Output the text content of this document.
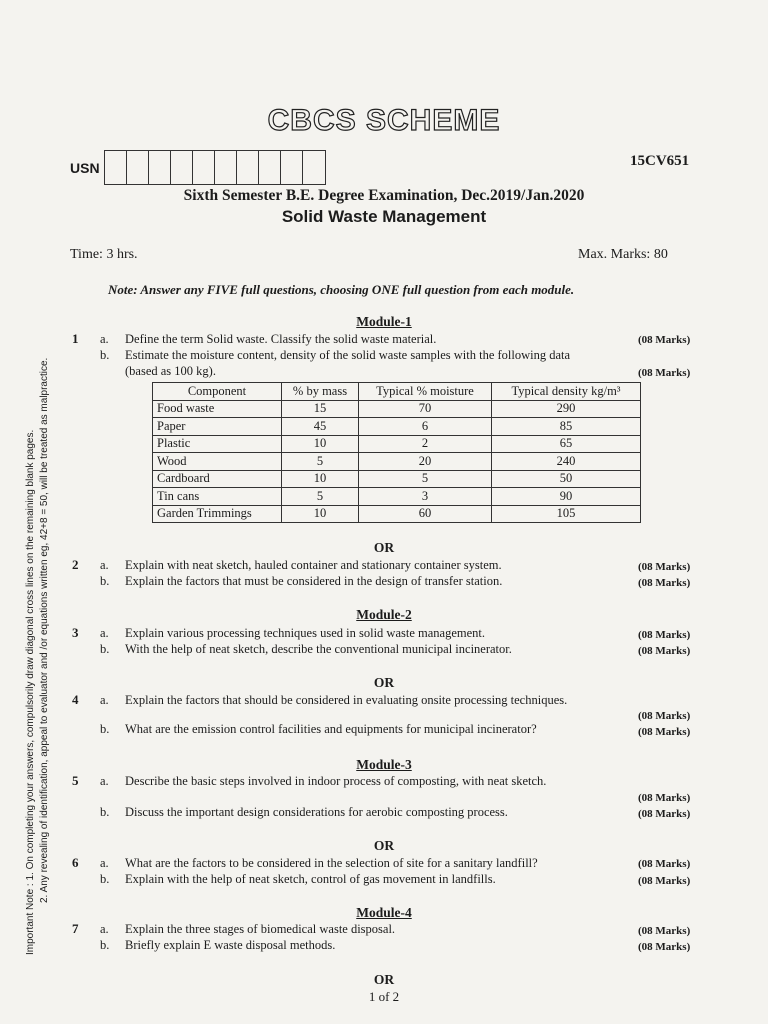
CBCS SCHEME
USN	15CV651
Sixth Semester B.E. Degree Examination, Dec.2019/Jan.2020
Solid Waste Management
Time: 3 hrs.	Max. Marks: 80
Note: Answer any FIVE full questions, choosing ONE full question from each module.
Important Note : 1. On completing your answers, compulsorily draw diagonal cross lines on the remaining blank pages. 2. Any revealing of identification, appeal to evaluator and /or equations written eg, 42+8 = 50, will be treated as malpractice.
Module-1
1 a. Define the term Solid waste. Classify the solid waste material.	(08 Marks)
b. Estimate the moisture content, density of the solid waste samples with the following data
(based as 100 kg).	(08 Marks)
Component	% by mass	Typical % moisture	Typical density kg/m³
Food waste	15	70	290
Paper	45	6	85
Plastic	10	2	65
Wood	5	20	240
Cardboard	10	5	50
Tin cans	5	3	90
Garden Trimmings	10	60	105
OR
2 a. Explain with neat sketch, hauled container and stationary container system.	(08 Marks)
b. Explain the factors that must be considered in the design of transfer station.	(08 Marks)
Module-2
3 a. Explain various processing techniques used in solid waste management.	(08 Marks)
b. With the help of neat sketch, describe the conventional municipal incinerator.	(08 Marks)
OR
4 a. Explain the factors that should be considered in evaluating onsite processing techniques.
(08 Marks)
b. What are the emission control facilities and equipments for municipal incinerator?	(08 Marks)
Module-3
5 a. Describe the basic steps involved in indoor process of composting, with neat sketch.
(08 Marks)
b. Discuss the important design considerations for aerobic composting process.	(08 Marks)
OR
6 a. What are the factors to be considered in the selection of site for a sanitary landfill?	(08 Marks)
b. Explain with the help of neat sketch, control of gas movement in landfills.	(08 Marks)
Module-4
7 a. Explain the three stages of biomedical waste disposal.	(08 Marks)
b. Briefly explain E waste disposal methods.	(08 Marks)
OR
1 of 2
